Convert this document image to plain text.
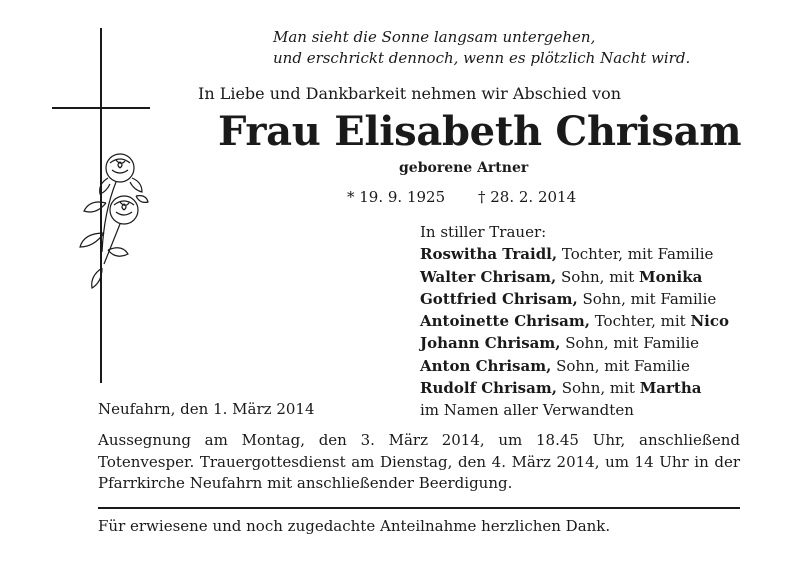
Man sieht die Sonne langsam untergehen,
und erschrickt dennoch, wenn es plötzlich Nacht wird.
In Liebe und Dankbarkeit nehmen wir Abschied von
Frau Elisabeth Chrisam
geborene Artner
* 19. 9. 1925 † 28. 2. 2014
In stiller Trauer:
Roswitha Traidl, Tochter, mit Familie
Walter Chrisam, Sohn, mit Monika
Gottfried Chrisam, Sohn, mit Familie
Antoinette Chrisam, Tochter, mit Nico
Johann Chrisam, Sohn, mit Familie
Anton Chrisam, Sohn, mit Familie
Rudolf Chrisam, Sohn, mit Martha
im Namen aller Verwandten
Neufahrn, den 1. März 2014
Aussegnung am Montag, den 3. März 2014, um 18.45 Uhr, anschließend Totenvesper. Trauergottesdienst am Dienstag, den 4. März 2014, um 14 Uhr in der Pfarrkirche Neufahrn mit anschließender Beerdigung.
Für erwiesene und noch zugedachte Anteilnahme herzlichen Dank.
